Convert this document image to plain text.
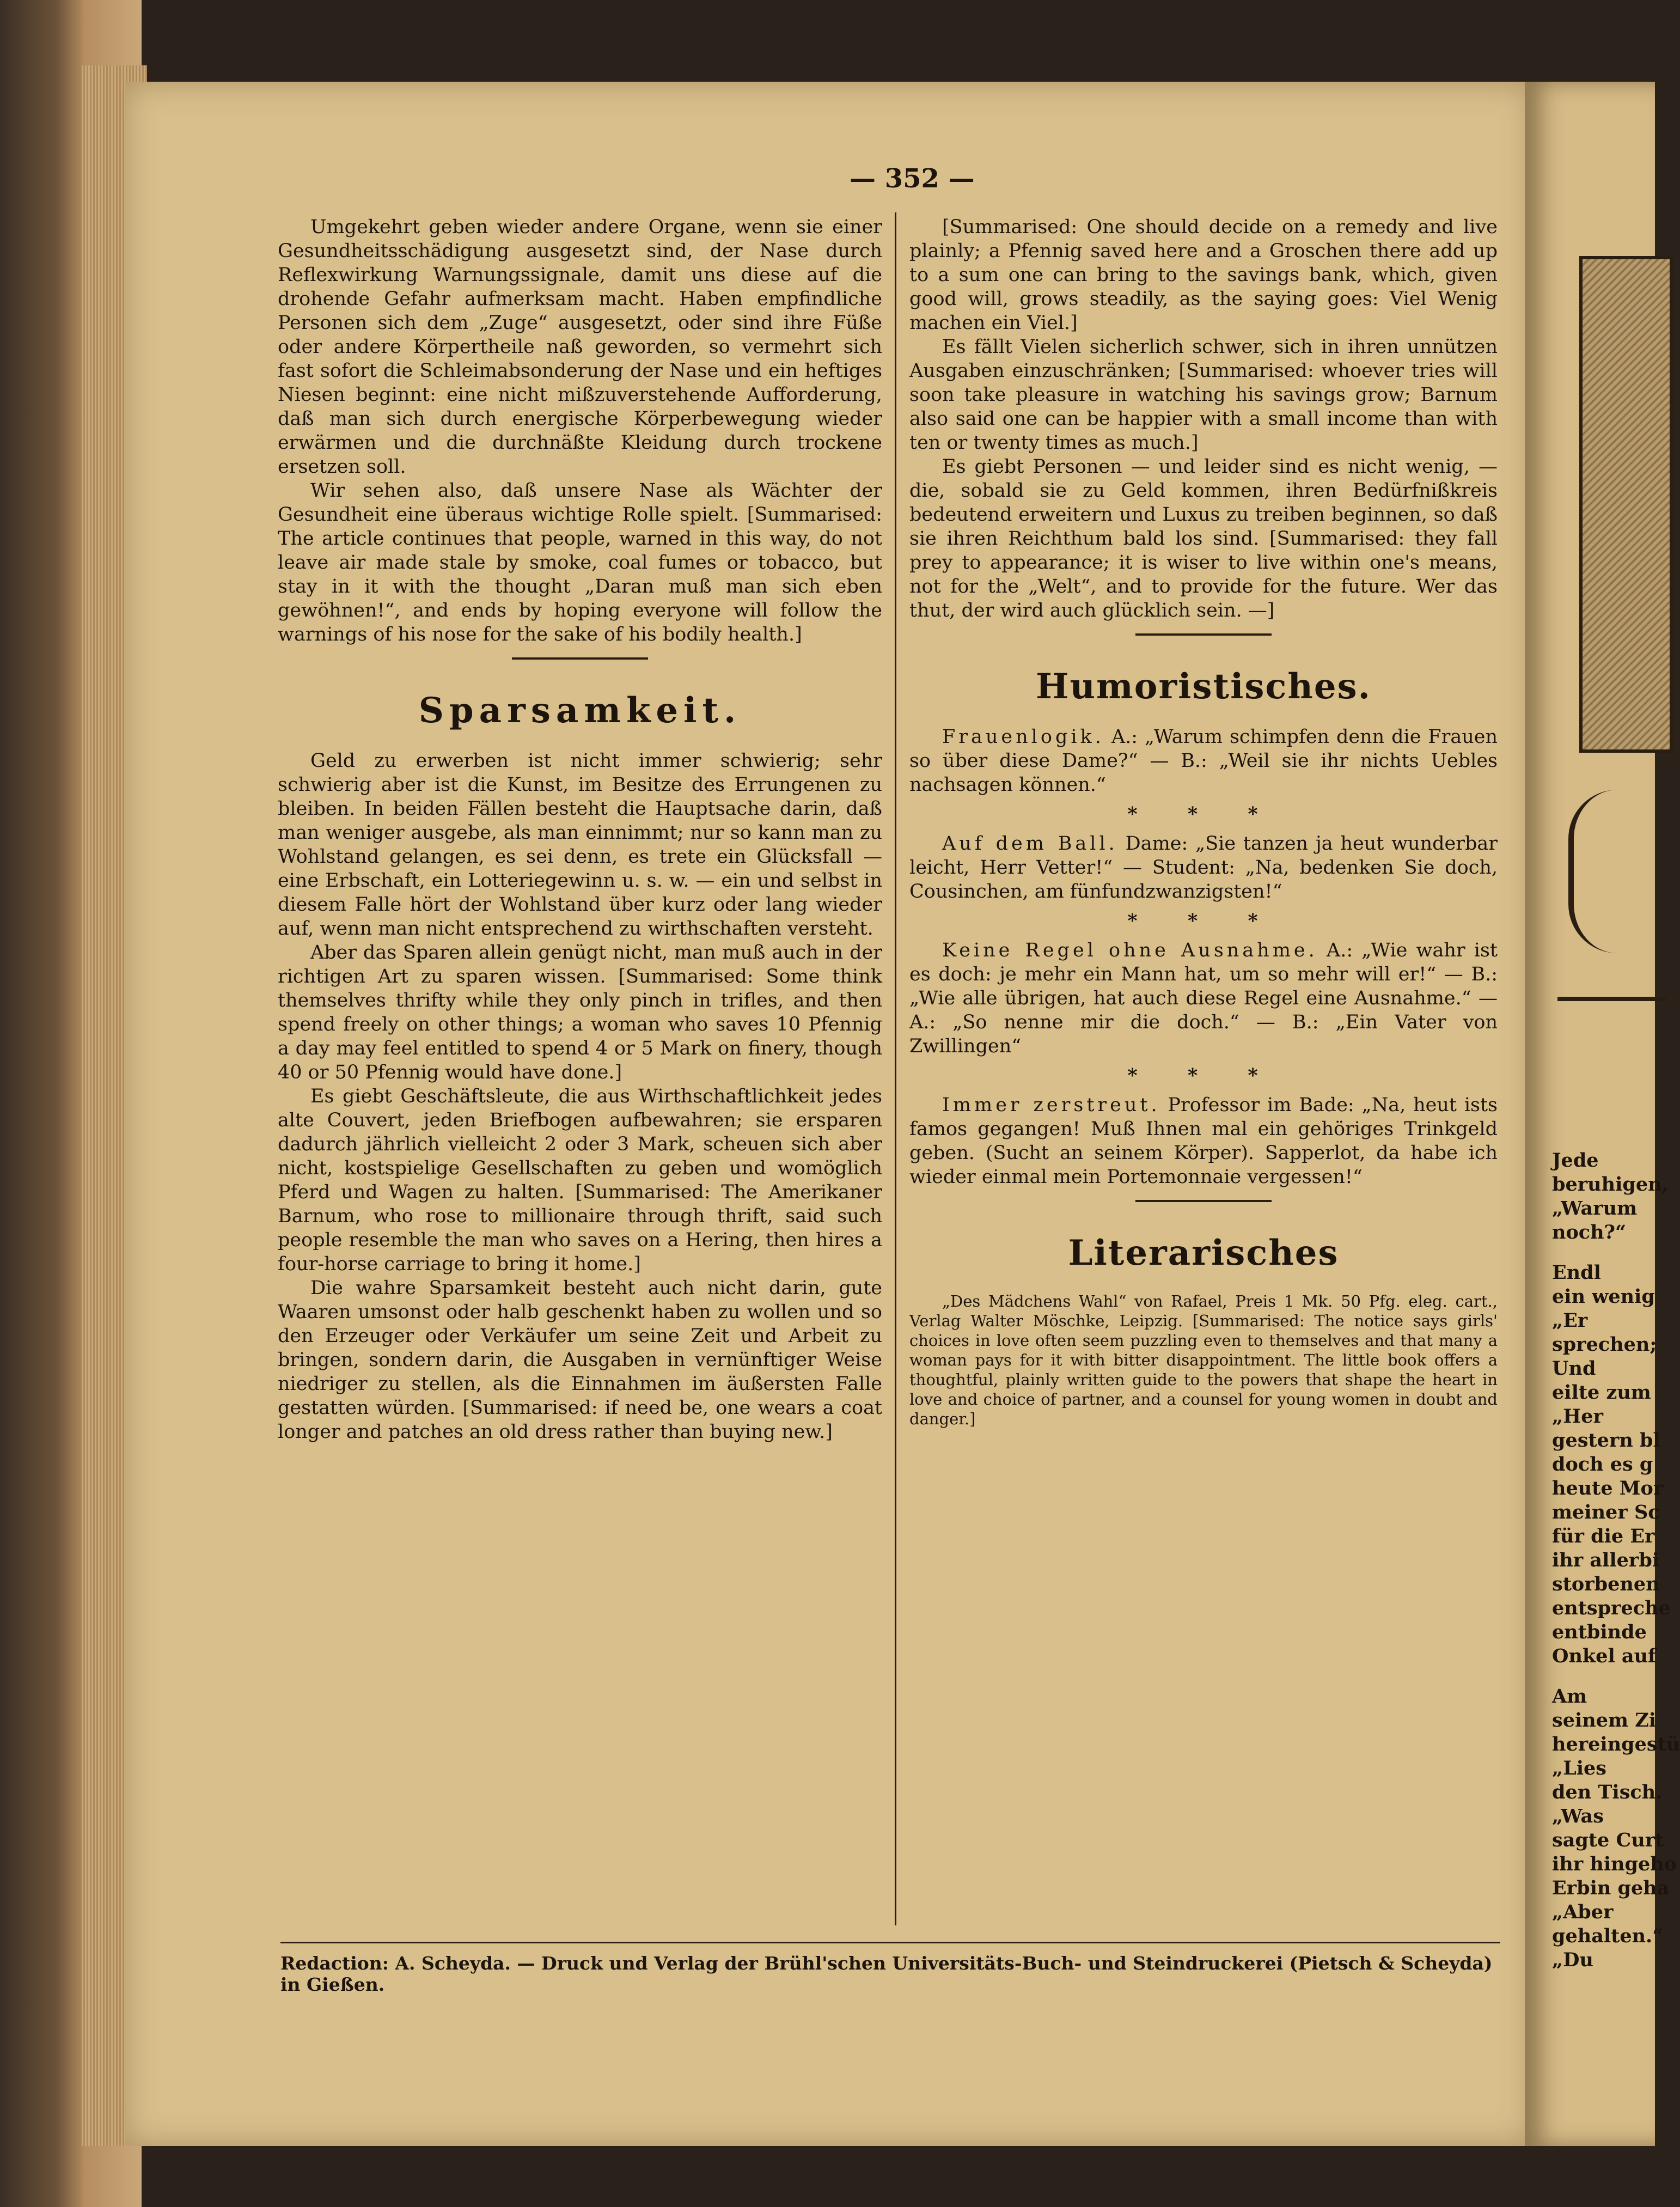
— 352 —

Umgekehrt geben wieder andere Organe, wenn sie einer Gesundheitsschädigung ausgesetzt sind, der Nase durch Reflexwirkung Warnungssignale, damit uns diese auf die drohende Gefahr aufmerksam macht. Haben empfindliche Personen sich dem „Zuge“ ausgesetzt, oder sind ihre Füße oder andere Körpertheile naß geworden, so vermehrt sich fast sofort die Schleimabsonderung der Nase und ein heftiges Niesen beginnt: eine nicht mißzuverstehende Aufforderung, daß man sich durch energische Körperbewegung wieder erwärmen und die durchnäßte Kleidung durch trockene ersetzen soll.

Wir sehen also, daß unsere Nase als Wächter der Gesundheit eine überaus wichtige Rolle spielt. [Summarised: The article continues that people, warned in this way, do not leave air made stale by smoke, coal fumes or tobacco, but stay in it with the thought „Daran muß man sich eben gewöhnen!“, and ends by hoping everyone will follow the warnings of his nose for the sake of his bodily health.]

Sparsamkeit.

Geld zu erwerben ist nicht immer schwierig; sehr schwierig aber ist die Kunst, im Besitze des Errungenen zu bleiben. In beiden Fällen besteht die Hauptsache darin, daß man weniger ausgebe, als man einnimmt; nur so kann man zu Wohlstand gelangen, es sei denn, es trete ein Glücksfall — eine Erbschaft, ein Lotteriegewinn u. s. w. — ein und selbst in diesem Falle hört der Wohlstand über kurz oder lang wieder auf, wenn man nicht entsprechend zu wirthschaften versteht.

Aber das Sparen allein genügt nicht, man muß auch in der richtigen Art zu sparen wissen. [Summarised: Some think themselves thrifty while they only pinch in trifles, and then spend freely on other things; a woman who saves 10 Pfennig a day may feel entitled to spend 4 or 5 Mark on finery, though 40 or 50 Pfennig would have done.]

Es giebt Geschäftsleute, die aus Wirthschaftlichkeit jedes alte Couvert, jeden Briefbogen aufbewahren; sie ersparen dadurch jährlich vielleicht 2 oder 3 Mark, scheuen sich aber nicht, kostspielige Gesellschaften zu geben und womöglich Pferd und Wagen zu halten. [Summarised: The Amerikaner Barnum, who rose to millionaire through thrift, said such people resemble the man who saves on a Hering, then hires a four-horse carriage to bring it home.]

Die wahre Sparsamkeit besteht auch nicht darin, gute Waaren umsonst oder halb geschenkt haben zu wollen und so den Erzeuger oder Verkäufer um seine Zeit und Arbeit zu bringen, sondern darin, die Ausgaben in vernünftiger Weise niedriger zu stellen, als die Einnahmen im äußersten Falle gestatten würden. [Summarised: if need be, one wears a coat longer and patches an old dress rather than buying new.]

[Summarised: One should decide on a remedy and live plainly; a Pfennig saved here and a Groschen there add up to a sum one can bring to the savings bank, which, given good will, grows steadily, as the saying goes: Viel Wenig machen ein Viel.]

Es fällt Vielen sicherlich schwer, sich in ihren unnützen Ausgaben einzuschränken; [Summarised: whoever tries will soon take pleasure in watching his savings grow; Barnum also said one can be happier with a small income than with ten or twenty times as much.]

Es giebt Personen — und leider sind es nicht wenig, — die, sobald sie zu Geld kommen, ihren Bedürfnißkreis bedeutend erweitern und Luxus zu treiben beginnen, so daß sie ihren Reichthum bald los sind. [Summarised: they fall prey to appearance; it is wiser to live within one's means, not for the „Welt“, and to provide for the future. Wer das thut, der wird auch glücklich sein. —]

Humoristisches.

Frauenlogik. A.: „Warum schimpfen denn die Frauen so über diese Dame?“ — B.: „Weil sie ihr nichts Uebles nachsagen können.“

* * *

Auf dem Ball. Dame: „Sie tanzen ja heut wunderbar leicht, Herr Vetter!“ — Student: „Na, bedenken Sie doch, Cousinchen, am fünfundzwanzigsten!“

* * *

Keine Regel ohne Ausnahme. A.: „Wie wahr ist es doch: je mehr ein Mann hat, um so mehr will er!“ — B.: „Wie alle übrigen, hat auch diese Regel eine Ausnahme.“ — A.: „So nenne mir die doch.“ — B.: „Ein Vater von Zwillingen“

* * *

Immer zerstreut. Professor im Bade: „Na, heut ists famos gegangen! Muß Ihnen mal ein gehöriges Trinkgeld geben. (Sucht an seinem Körper). Sapperlot, da habe ich wieder einmal mein Portemonnaie vergessen!“

Literarisches

„Des Mädchens Wahl“ von Rafael, Preis 1 Mk. 50 Pfg. eleg. cart., Verlag Walter Möschke, Leipzig. [Summarised: The notice says girls' choices in love often seem puzzling even to themselves and that many a woman pays for it with bitter disappointment. The little book offers a thoughtful, plainly written guide to the powers that shape the heart in love and choice of partner, and a counsel for young women in doubt and danger.]

Redaction: A. Scheyda. — Druck und Verlag der Brühl'schen Universitäts-Buch- und Steindruckerei (Pietsch & Scheyda) in Gießen.
Jede
beruhigen,
„Warum
noch?“
Endl
ein wenig
„Er
sprechen;
Und
eilte zum
„Her
gestern bl
doch es g
heute Mor
meiner Sc
für die Er
ihr allerbi
storbenen
entspreche
entbinde
Onkel auf
Am
seinem Zi
hereingestü
„Lies
den Tisch.
„Was
sagte Curt
ihr hingeho
Erbin geha
„Aber
gehalten.“
„Du
